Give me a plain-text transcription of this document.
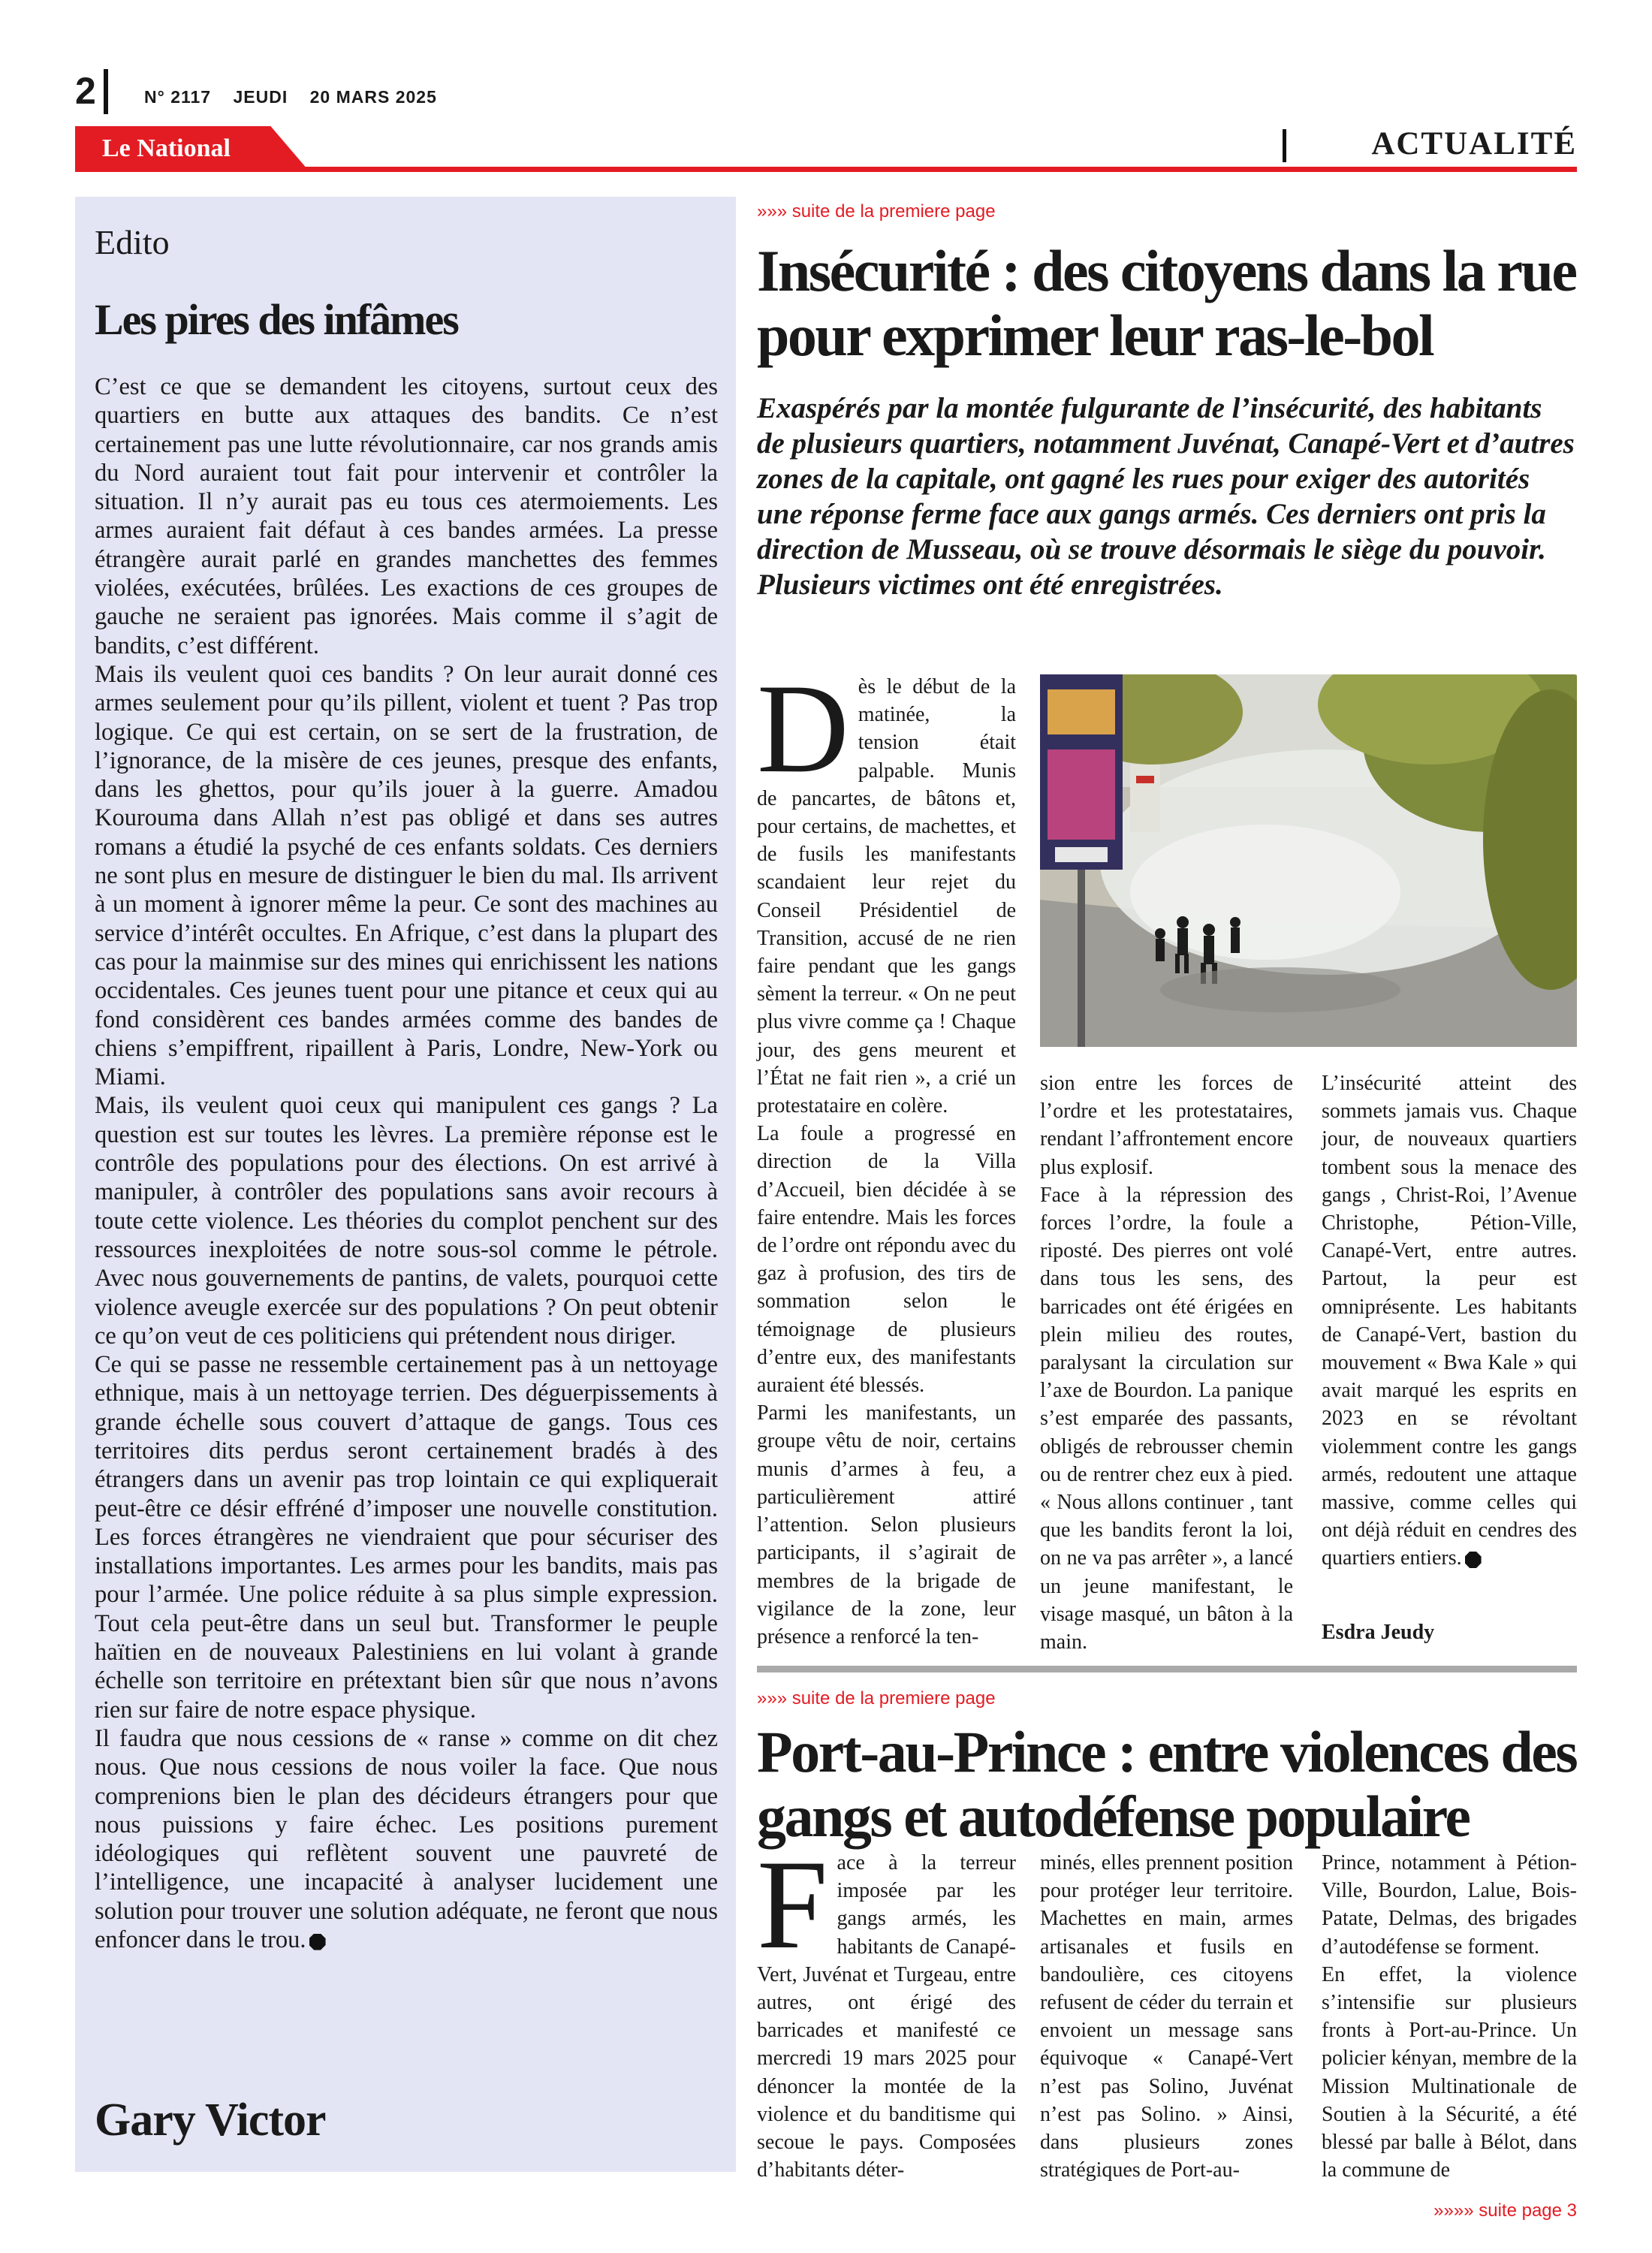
2	N° 2117 JEUDI 20 MARS 2025
Le National	ACTUALITÉ
Edito
Les pires des infâmes

C’est ce que se demandent les citoyens, surtout ceux des quartiers en butte aux attaques des bandits. Ce n’est certainement pas une lutte révolutionnaire, car nos grands amis du Nord auraient tout fait pour intervenir et contrôler la situation. Il n’y aurait pas eu tous ces atermoiements. Les armes auraient fait défaut à ces bandes armées. La presse étrangère aurait parlé en grandes manchettes des femmes violées, exécutées, brûlées. Les exactions de ces groupes de gauche ne seraient pas ignorées. Mais comme il s’agit de bandits, c’est différent.

Mais ils veulent quoi ces bandits ? On leur aurait donné ces armes seulement pour qu’ils pillent, violent et tuent ? Pas trop logique. Ce qui est certain, on se sert de la frustration, de l’ignorance, de la misère de ces jeunes, presque des enfants, dans les ghettos, pour qu’ils jouer à la guerre. Amadou Kourouma dans Allah n’est pas obligé et dans ses autres romans a étudié la psyché de ces enfants soldats. Ces derniers ne sont plus en mesure de distinguer le bien du mal. Ils arrivent à un moment à ignorer même la peur. Ce sont des machines au service d’intérêt occultes. En Afrique, c’est dans la plupart des cas pour la mainmise sur des mines qui enrichissent les nations occidentales. Ces jeunes tuent pour une pitance et ceux qui au fond considèrent ces bandes armées comme des bandes de chiens s’empiffrent, ripaillent à Paris, Londre, New-York ou Miami.

Mais, ils veulent quoi ceux qui manipulent ces gangs ? La question est sur toutes les lèvres. La première réponse est le contrôle des populations pour des élections. On est arrivé à manipuler, à contrôler des populations sans avoir recours à toute cette violence. Les théories du complot penchent sur des ressources inexploitées de notre sous-sol comme le pétrole. Avec nous gouvernements de pantins, de valets, pourquoi cette violence aveugle exercée sur des populations ? On peut obtenir ce qu’on veut de ces politiciens qui prétendent nous diriger.

Ce qui se passe ne ressemble certainement pas à un nettoyage ethnique, mais à un nettoyage terrien. Des déguerpissements à grande échelle sous couvert d’attaque de gangs. Tous ces territoires dits perdus seront certainement bradés à des étrangers dans un avenir pas trop lointain ce qui expliquerait peut-être ce désir effréné d’imposer une nouvelle constitution. Les forces étrangères ne viendraient que pour sécuriser des installations importantes. Les armes pour les bandits, mais pas pour l’armée. Une police réduite à sa plus simple expression. Tout cela peut-être dans un seul but. Transformer le peuple haïtien en de nouveaux Palestiniens en lui volant à grande échelle son territoire en prétextant bien sûr que nous n’avons rien sur faire de notre espace physique.

Il faudra que nous cessions de « ranse » comme on dit chez nous. Que nous cessions de nous voiler la face. Que nous comprenions bien le plan des décideurs étrangers pour que nous puissions y faire échec. Les positions purement idéologiques qui reflètent souvent une pauvreté de l’intelligence, une incapacité à analyser lucidement une solution pour trouver une solution adéquate, ne feront que nous enfoncer dans le trou.

Gary Victor
»»» suite de la premiere page
Insécurité : des citoyens dans la rue pour exprimer leur ras-le-bol
Exaspérés par la montée fulgurante de l’insécurité, des habitants de plusieurs quartiers, notamment Juvénat, Canapé-Vert et d’autres zones de la capitale, ont gagné les rues pour exiger des autorités une réponse ferme face aux gangs armés. Ces derniers ont pris la direction de Musseau, où se trouve désormais le siège du pouvoir. Plusieurs victimes ont été enregistrées.

Dès le début de la matinée, la tension était palpable. Munis de pancartes, de bâtons et, pour certains, de machettes, et de fusils les manifestants scandaient leur rejet du Conseil Présidentiel de Transition, accusé de ne rien faire pendant que les gangs sèment la terreur. « On ne peut plus vivre comme ça ! Chaque jour, des gens meurent et l’État ne fait rien », a crié un protestataire en colère.

La foule a progressé en direction de la Villa d’Accueil, bien décidée à se faire entendre. Mais les forces de l’ordre ont répondu avec du gaz à profusion, des tirs de sommation selon le témoignage de plusieurs d’entre eux, des manifestants auraient été blessés.

Parmi les manifestants, un groupe vêtu de noir, certains munis d’armes à feu, a particulièrement attiré l’attention. Selon plusieurs participants, il s’agirait de membres de la brigade de vigilance de la zone, leur présence a renforcé la ten-

sion entre les forces de l’ordre et les protestataires, rendant l’affrontement encore plus explosif.

Face à la répression des forces l’ordre, la foule a riposté. Des pierres ont volé dans tous les sens, des barricades ont été érigées en plein milieu des routes, paralysant la circulation sur l’axe de Bourdon. La panique s’est emparée des passants, obligés de rebrousser chemin ou de rentrer chez eux à pied. « Nous allons continuer , tant que les bandits feront la loi, on ne va pas arrêter », a lancé un jeune manifestant, le visage masqué, un bâton à la main.

L’insécurité atteint des sommets jamais vus. Chaque jour, de nouveaux quartiers tombent sous la menace des gangs , Christ-Roi, l’Avenue Christophe, Pétion-Ville, Canapé-Vert, entre autres. Partout, la peur est omniprésente. Les habitants de Canapé-Vert, bastion du mouvement « Bwa Kale » qui avait marqué les esprits en 2023 en se révoltant violemment contre les gangs armés, redoutent une attaque massive, comme celles qui ont déjà réduit en cendres des quartiers entiers.

Esdra Jeudy
»»» suite de la premiere page
Port-au-Prince : entre violences des gangs et autodéfense populaire

Face à la terreur imposée par les gangs armés, les habitants de Canapé-Vert, Juvénat et Turgeau, entre autres, ont érigé des barricades et manifesté ce mercredi 19 mars 2025 pour dénoncer la montée de la violence et du banditisme qui secoue le pays. Composées d’habitants déter-

minés, elles prennent position pour protéger leur territoire. Machettes en main, armes artisanales et fusils en bandoulière, ces citoyens refusent de céder du terrain et envoient un message sans équivoque « Canapé-Vert n’est pas Solino, Juvénat n’est pas Solino. » Ainsi, dans plusieurs zones stratégiques de Port-au-

Prince, notamment à Pétion-Ville, Bourdon, Lalue, Bois-Patate, Delmas, des brigades d’autodéfense se forment.

En effet, la violence s’intensifie sur plusieurs fronts à Port-au-Prince. Un policier kényan, membre de la Mission Multinationale de Soutien à la Sécurité, a été blessé par balle à Bélot, dans la commune de

»»»» suite page 3
